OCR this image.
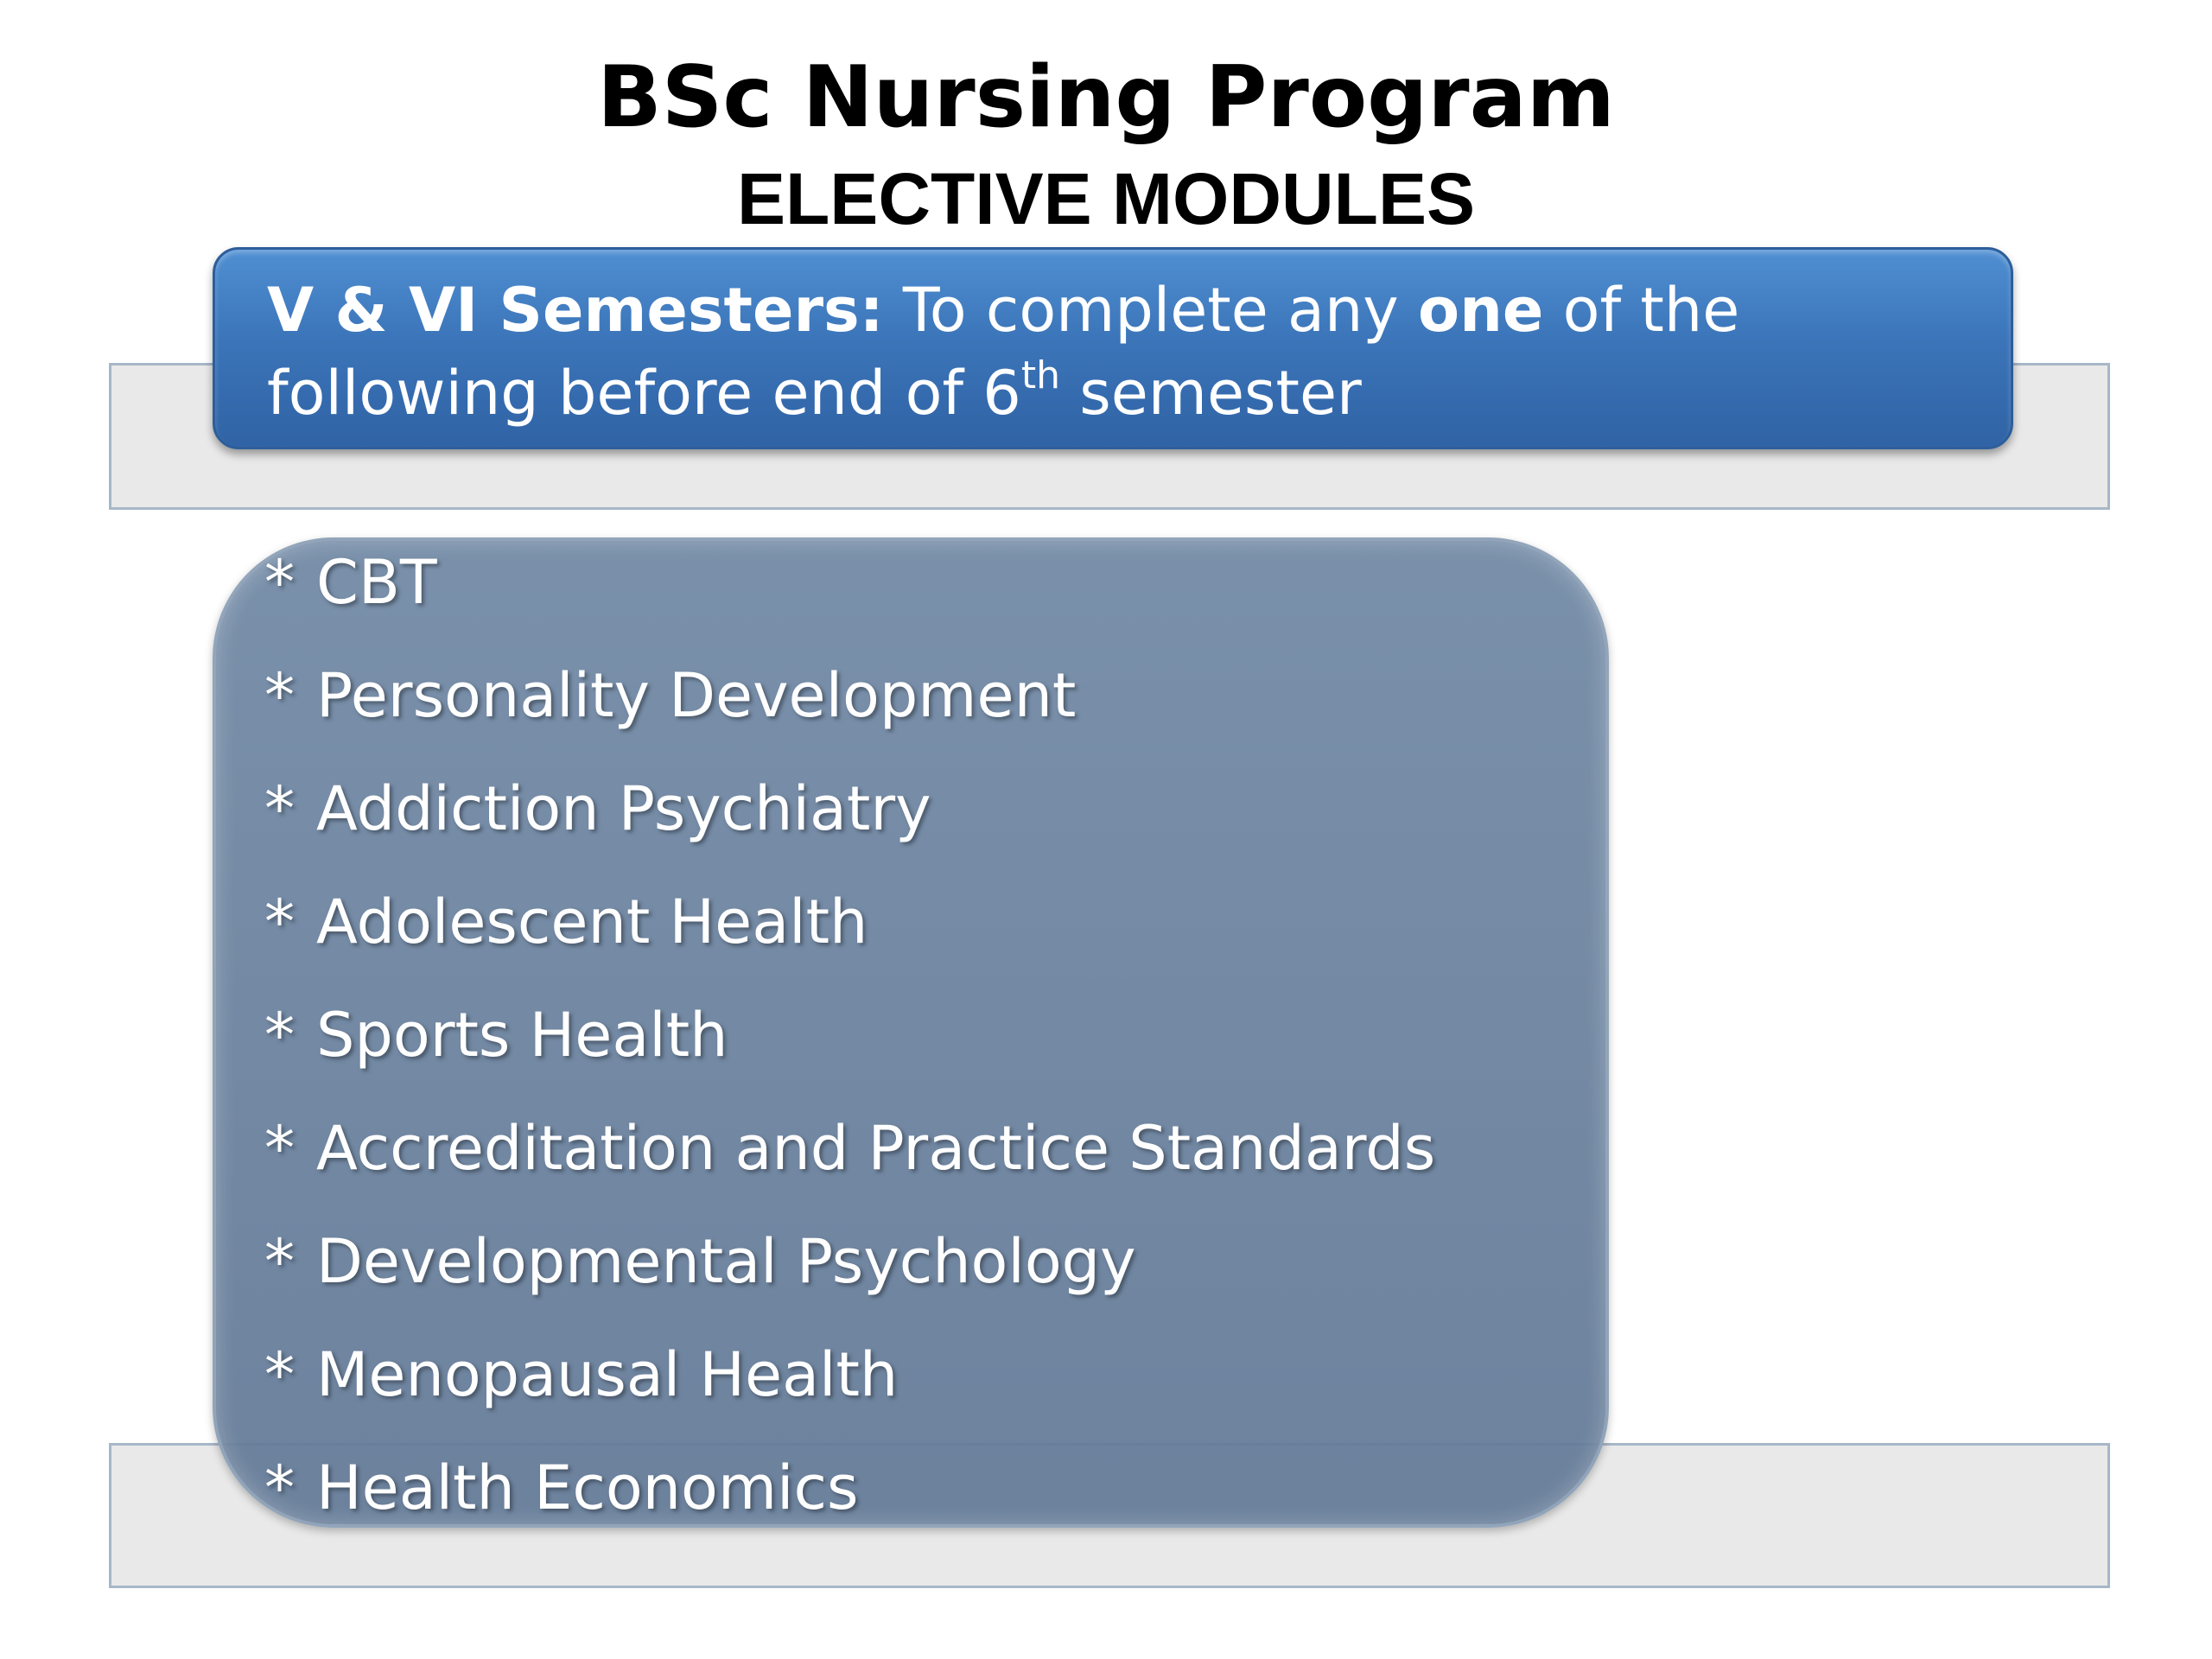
BSc Nursing Program
ELECTIVE MODULES
V & VI Semesters: To complete any one of the following before end of 6th semester
* CBT
* Personality Development
* Addiction Psychiatry
* Adolescent Health
* Sports Health
* Accreditation and Practice Standards
* Developmental Psychology
* Menopausal Health
* Health Economics
